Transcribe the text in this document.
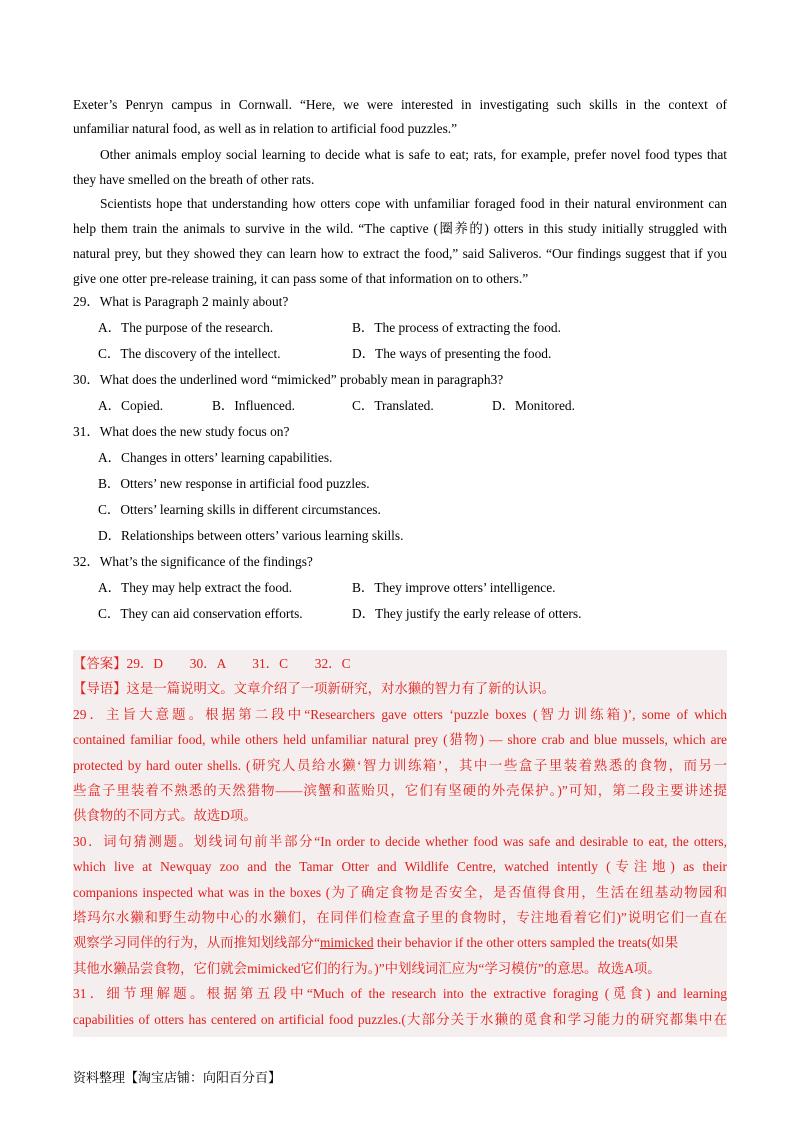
Exeter’s Penryn campus in Cornwall. “Here, we were interested in investigating such skills in the context of
unfamiliar natural food, as well as in relation to artificial food puzzles.”

Other animals employ social learning to decide what is safe to eat; rats, for example, prefer novel food types that they have smelled on the breath of other rats.

Scientists hope that understanding how otters cope with unfamiliar foraged food in their natural environment can help them train the animals to survive in the wild. “The captive (圈养的) otters in this study initially struggled with natural prey, but they showed they can learn how to extract the food,” said Saliveros. “Our findings suggest that if you give one otter pre-release training, it can pass some of that information on to others.”

29．What is Paragraph 2 mainly about?
A．The purpose of the research.	B．The process of extracting the food.
C．The discovery of the intellect.	D．The ways of presenting the food.
30．What does the underlined word “mimicked” probably mean in paragraph3?
A．Copied.	B．Influenced.	C．Translated.	D．Monitored.
31．What does the new study focus on?
A．Changes in otters’ learning capabilities.
B．Otters’ new response in artificial food puzzles.
C．Otters’ learning skills in different circumstances.
D．Relationships between otters’ various learning skills.
32．What’s the significance of the findings?
A．They may help extract the food.	B．They improve otters’ intelligence.
C．They can aid conservation efforts.	D．They justify the early release of otters.
【答案】29．D　　30．A　　31．C　　32．C
【导语】这是一篇说明文。文章介绍了一项新研究，对水獭的智力有了新的认识。
29．主旨大意题。根据第二段中“Researchers gave otters ‘puzzle boxes (智力训练箱)’, some of which
contained familiar food, while others held unfamiliar natural prey (猎物) — shore crab and blue mussels, which are
protected by hard outer shells. (研究人员给水獭‘智力训练箱’，其中一些盒子里装着熟悉的食物，而另一
些盒子里装着不熟悉的天然猎物——滨蟹和蓝贻贝，它们有坚硬的外壳保护。)”可知，第二段主要讲述提
供食物的不同方式。故选D项。
30．词句猜测题。划线词句前半部分“In order to decide whether food was safe and desirable to eat, the otters,
which live at Newquay zoo and the Tamar Otter and Wildlife Centre, watched intently (专注地) as their
companions inspected what was in the boxes (为了确定食物是否安全，是否值得食用，生活在纽基动物园和
塔玛尔水獭和野生动物中心的水獭们，在同伴们检查盒子里的食物时，专注地看着它们)”说明它们一直在
观察学习同伴的行为，从而推知划线部分“mimicked their behavior if the other otters sampled the treats(如果
其他水獭品尝食物，它们就会mimicked它们的行为。)”中划线词汇应为“学习模仿”的意思。故选A项。
31．细节理解题。根据第五段中“Much of the research into the extractive foraging (觅食) and learning
capabilities of otters has centered on artificial food puzzles.(大部分关于水獭的觅食和学习能力的研究都集中在
资料整理【淘宝店铺：向阳百分百】
